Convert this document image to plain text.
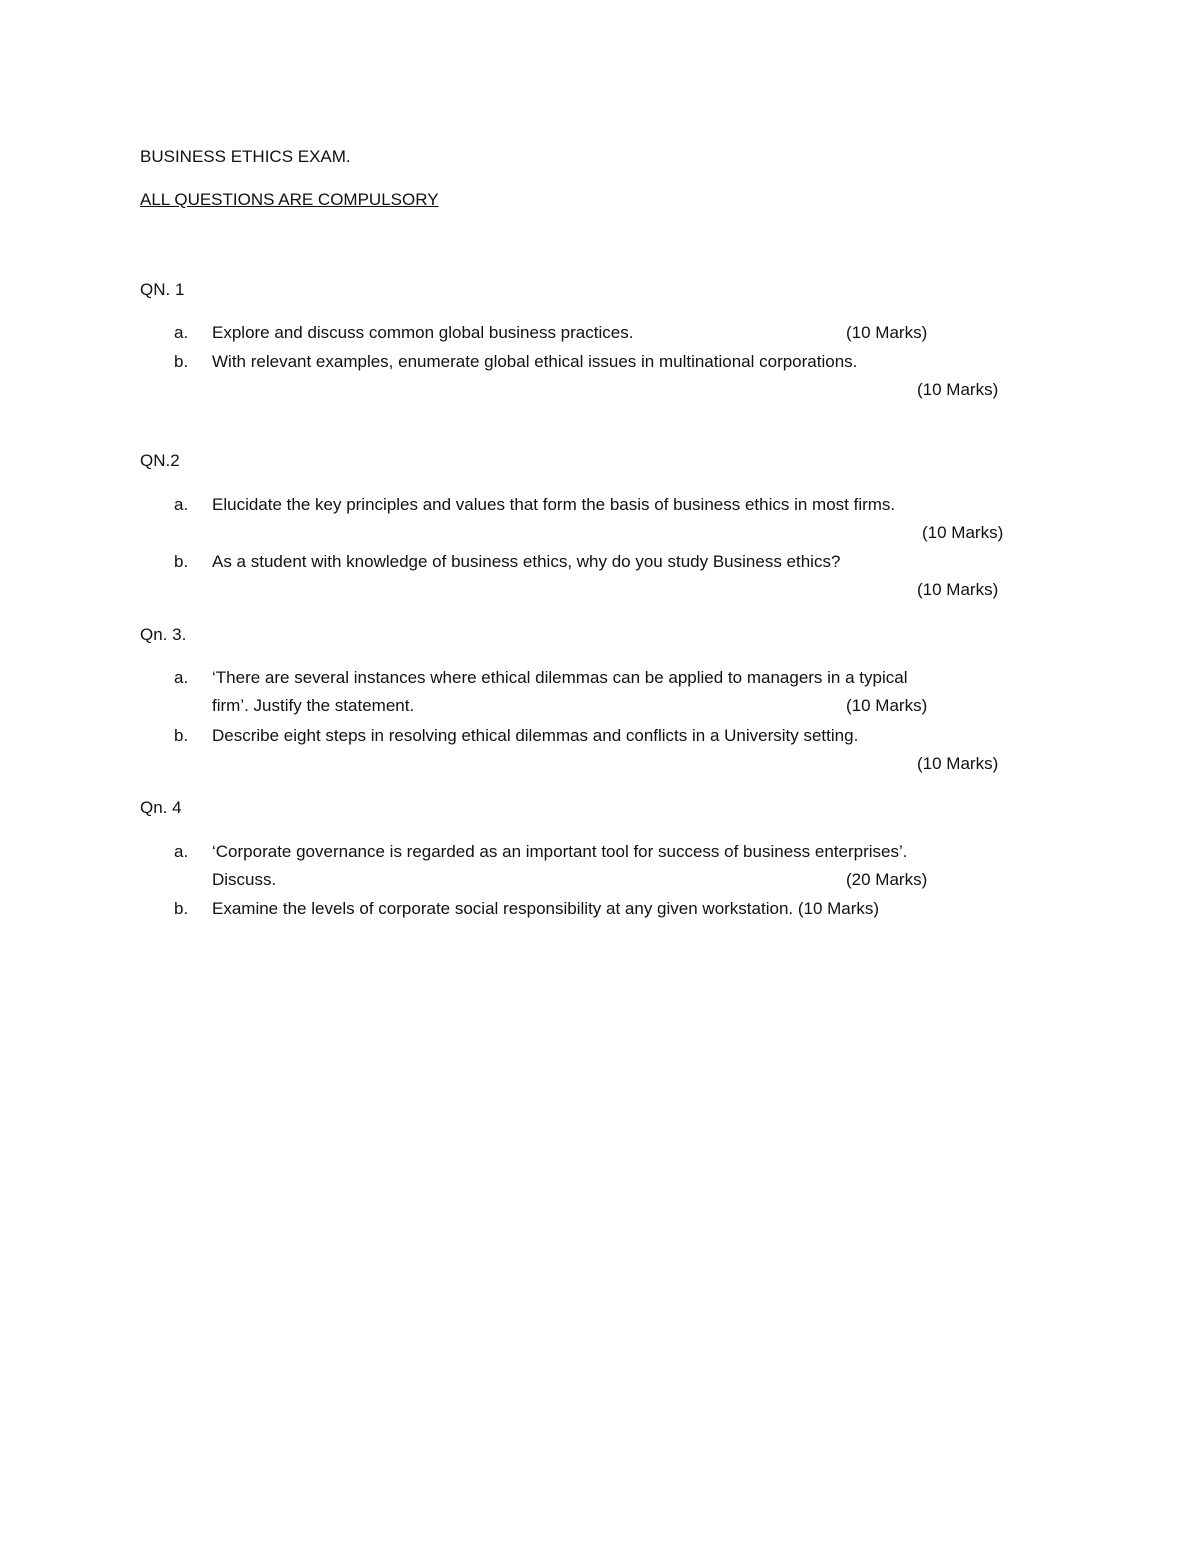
BUSINESS ETHICS EXAM.
ALL QUESTIONS ARE COMPULSORY
QN. 1
a. Explore and discuss common global business practices.	(10 Marks)
b. With relevant examples, enumerate global ethical issues in multinational corporations.
(10 Marks)
QN.2
a. Elucidate the key principles and values that form the basis of business ethics in most firms.
(10 Marks)
b. As a student with knowledge of business ethics, why do you study Business ethics?
(10 Marks)
Qn. 3.
a. ‘There are several instances where ethical dilemmas can be applied to managers in a typical
firm’. Justify the statement.	(10 Marks)
b. Describe eight steps in resolving ethical dilemmas and conflicts in a University setting.
(10 Marks)
Qn. 4
a. ‘Corporate governance is regarded as an important tool for success of business enterprises’.
Discuss.	(20 Marks)
b. Examine the levels of corporate social responsibility at any given workstation. (10 Marks)
